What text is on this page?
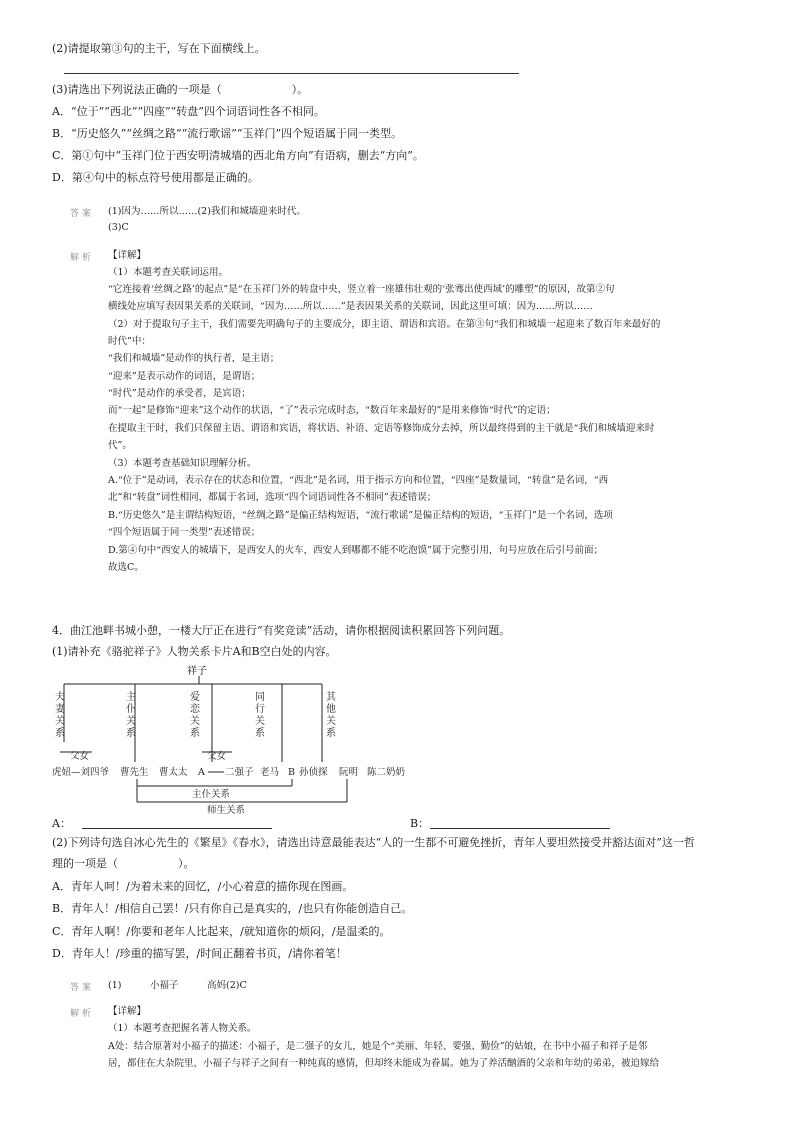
(2)请提取第③句的主干，写在下面横线上。
(3)请选出下列说法正确的一项是（	）。
A．“位于”“西北”“四座”“转盘”四个词语词性各不相同。
B．“历史悠久”“丝绸之路”“流行歌谣”“玉祥门”四个短语属于同一类型。
C．第①句中“玉祥门位于西安明清城墙的西北角方向”有语病，删去“方向”。
D．第④句中的标点符号使用都是正确的。
答案 (1)因为……所以……(2)我们和城墙迎来时代。
(3)C
解析 【详解】
（1）本题考查关联词运用。
“它连接着‘丝绸之路’的起点”是“在玉祥门外的转盘中央，竖立着一座雄伟壮观的‘张骞出使西域’的雕塑”的原因，故第②句
横线处应填写表因果关系的关联词，“因为……所以……”是表因果关系的关联词，因此这里可填：因为……所以……
（2）对于提取句子主干，我们需要先明确句子的主要成分，即主语、谓语和宾语。在第③句“我们和城墙一起迎来了数百年来最好的
时代”中：
“我们和城墙”是动作的执行者，是主语；
“迎来”是表示动作的词语，是谓语；
“时代”是动作的承受者，是宾语；
而“一起”是修饰“迎来”这个动作的状语，“了”表示完成时态，“数百年来最好的”是用来修饰“时代”的定语；
在提取主干时，我们只保留主语、谓语和宾语，将状语、补语、定语等修饰成分去掉，所以最终得到的主干就是“我们和城墙迎来时
代”。
（3）本题考查基础知识理解分析。
A.“位于”是动词，表示存在的状态和位置，“西北”是名词，用于指示方向和位置，“四座”是数量词，“转盘”是名词，“西
北”和“转盘”词性相同，都属于名词，选项“四个词语词性各不相同”表述错误；
B.“历史悠久”是主谓结构短语，“丝绸之路”是偏正结构短语，“流行歌谣”是偏正结构的短语，“玉祥门”是一个名词，选项
“四个短语属于同一类型”表述错误；
D.第④句中“西安人的城墙下，是西安人的火车，西安人到哪都不能不吃泡馍”属于完整引用，句号应放在后引号前面；
故选C。
4．曲江池畔书城小憩，一楼大厅正在进行“有奖竞读”活动，请你根据阅读积累回答下列问题。
(1)请补充《骆驼祥子》人物关系卡片A和B空白处的内容。
祥子
夫妻关系
主仆关系
爱恋关系
同行关系
其他关系
父女	父女
虎妞—刘四爷 曹先生 曹太太 A 二强子 老马 B 孙侦探 阮明 陈二奶奶
主仆关系
师生关系
A：	B：
(2)下列诗句选自冰心先生的《繁星》《春水》，请选出诗意最能表达“人的一生都不可避免挫折，青年人要坦然接受并豁达面对”这一哲
理的一项是（	）。
A．青年人呵！/为着未来的回忆，/小心着意的描你现在图画。
B．青年人！/相信自己罢！/只有你自己是真实的，/也只有你能创造自己。
C．青年人啊！/你要和老年人比起来，/就知道你的烦闷，/是温柔的。
D．青年人！/珍重的描写罢，/时间正翻着书页，/请你着笔！
答案 (1)	小福子	高妈(2)C
解析 【详解】
（1）本题考查把握名著人物关系。
A处：结合原著对小福子的描述：小福子，是二强子的女儿，她是个“美丽、年轻、要强、勤俭”的姑娘，在书中小福子和祥子是邻
居，都住在大杂院里，小福子与祥子之间有一种纯真的感情，但却终未能成为眷属。她为了养活酗酒的父亲和年幼的弟弟，被迫嫁给
